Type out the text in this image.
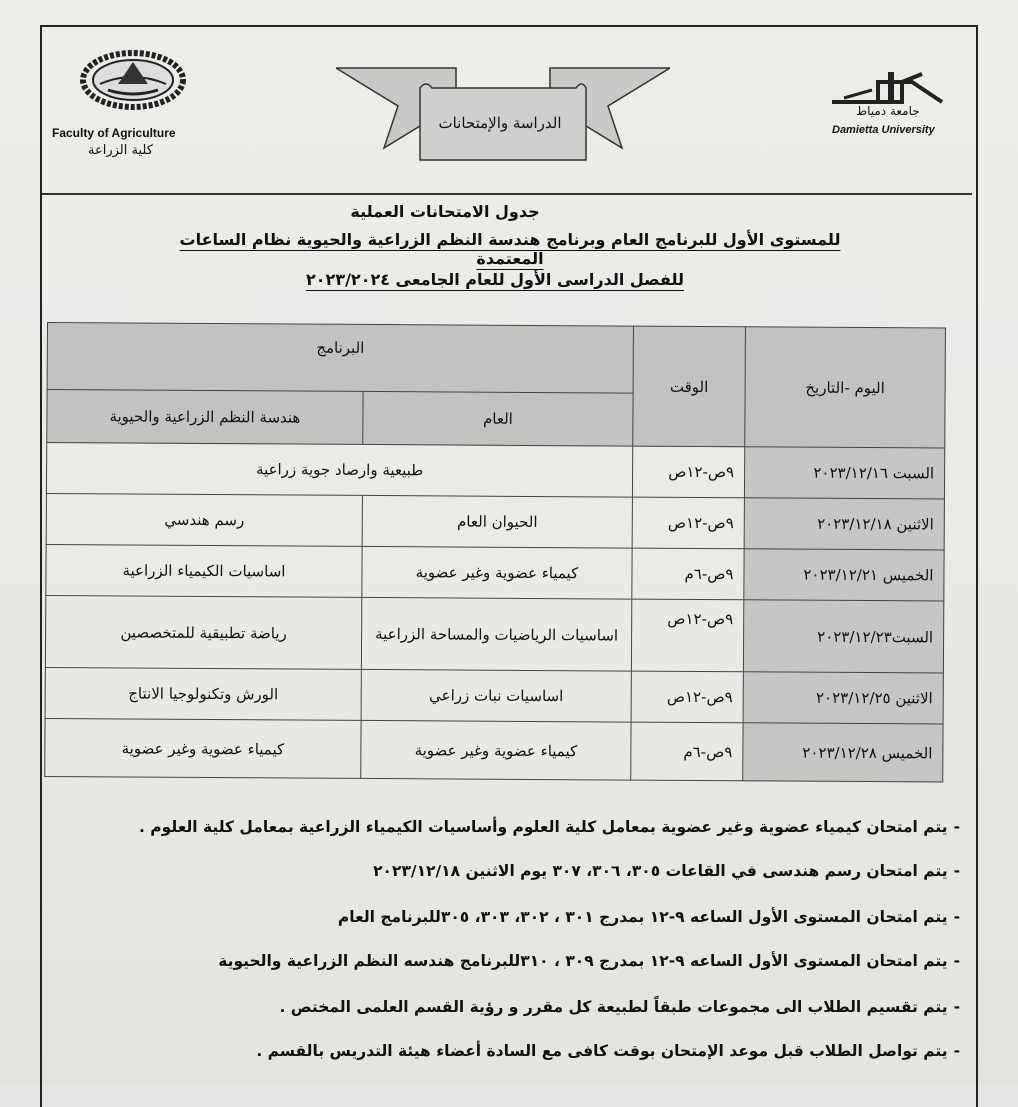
Faculty of Agriculture
كلية الزراعة
الدراسة والإمتحانات
جامعة دمياط
Damietta University
جدول الامتحانات العملية
للمستوى الأول للبرنامج العام وبرنامج هندسة النظم الزراعية والحيوية نظام الساعات المعتمدة
للفصل الدراسى الأول للعام الجامعى ٢٠٢٣/٢٠٢٤
اليوم -التاريخ	الوقت	البرنامج	
		العام	هندسة النظم الزراعية والحيوية
السبت ٢٠٢٣/١٢/١٦	٩ص-١٢ص	طبيعية وارصاد جوية زراعية	
الاثنين ٢٠٢٣/١٢/١٨	٩ص-١٢ص	الحيوان العام	رسم هندسي
الخميس ٢٠٢٣/١٢/٢١	٩ص-٦م	كيمياء عضوية وغير عضوية	اساسيات الكيمياء الزراعية
السبت٢٠٢٣/١٢/٢٣	٩ص-١٢ص	اساسيات الرياضيات والمساحة الزراعية	رياضة تطبيقية للمتخصصين
الاثنين ٢٠٢٣/١٢/٢٥	٩ص-١٢ص	اساسيات نبات زراعي	الورش وتكنولوجيا الانتاج
الخميس ٢٠٢٣/١٢/٢٨	٩ص-٦م	كيمياء عضوية وغير عضوية	كيمياء عضوية وغير عضوية
-يتم امتحان كيمياء عضوية وغير عضوية بمعامل كلية العلوم وأساسيات الكيمياء الزراعية بمعامل كلية العلوم .
-يتم امتحان رسم هندسى في القاعات ٣٠٥، ٣٠٦، ٣٠٧ يوم الاثنين ٢٠٢٣/١٢/١٨
-يتم امتحان المستوى الأول الساعه ٩-١٢ بمدرج ٣٠١ ، ٣٠٢، ٣٠٣، ٣٠٥للبرنامج العام
-يتم امتحان المستوى الأول الساعه ٩-١٢ بمدرج ٣٠٩ ، ٣١٠للبرنامج هندسه النظم الزراعية والحيوية
-يتم تقسيم الطلاب الى مجموعات طبقاً لطبيعة كل مقرر و رؤية القسم العلمى المختص .
-يتم تواصل الطلاب قبل موعد الإمتحان بوقت كافى مع السادة أعضاء هيئة التدريس بالقسم .
